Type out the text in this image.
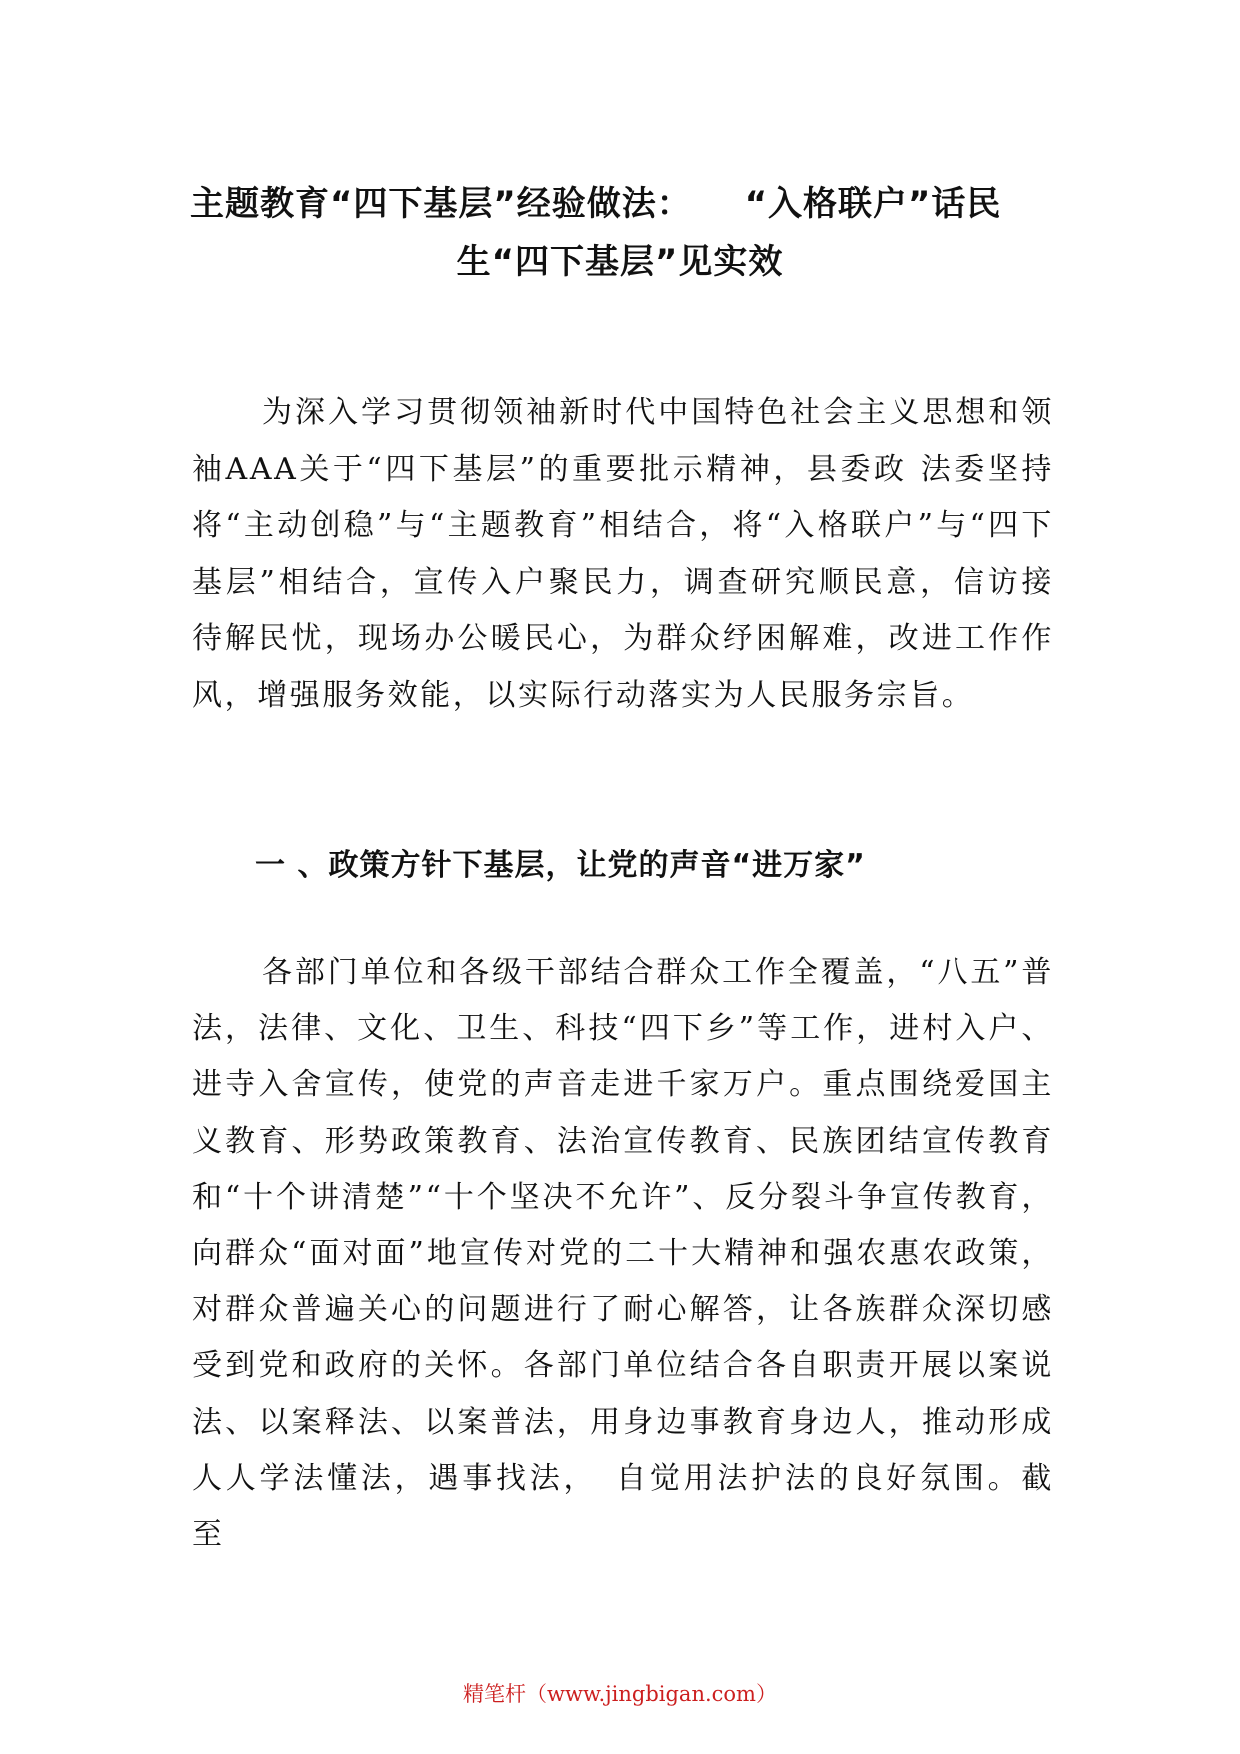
主题教育“四下基层”经验做法：　　“入格联户”话民
生“四下基层”见实效

为深入学习贯彻领袖新时代中国特色社会主义思想和领袖AAA关于“四下基层”的重要批示精神，县委政 法委坚持将“主动创稳”与“主题教育”相结合，将“入格联户”与“四下基层”相结合，宣传入户聚民力，调查研究顺民意，信访接待解民忧，现场办公暖民心，为群众纾困解难，改进工作作风，增强服务效能，以实际行动落实为人民服务宗旨。

一 、政策方针下基层，让党的声音“进万家”

各部门单位和各级干部结合群众工作全覆盖，“八五”普法，法律、文化、卫生、科技“四下乡”等工作，进村入户、进寺入舍宣传，使党的声音走进千家万户。重点围绕爱国主义教育、形势政策教育、法治宣传教育、民族团结宣传教育和“十个讲清楚”“十个坚决不允许”、反分裂斗争宣传教育，向群众“面对面”地宣传对党的二十大精神和强农惠农政策，对群众普遍关心的问题进行了耐心解答，让各族群众深切感受到党和政府的关怀。各部门单位结合各自职责开展以案说法、以案释法、以案普法，用身边事教育身边人，推动形成人人学法懂法，遇事找法，　自觉用法护法的良好氛围。截至

精笔杆（www.jingbigan.com）
